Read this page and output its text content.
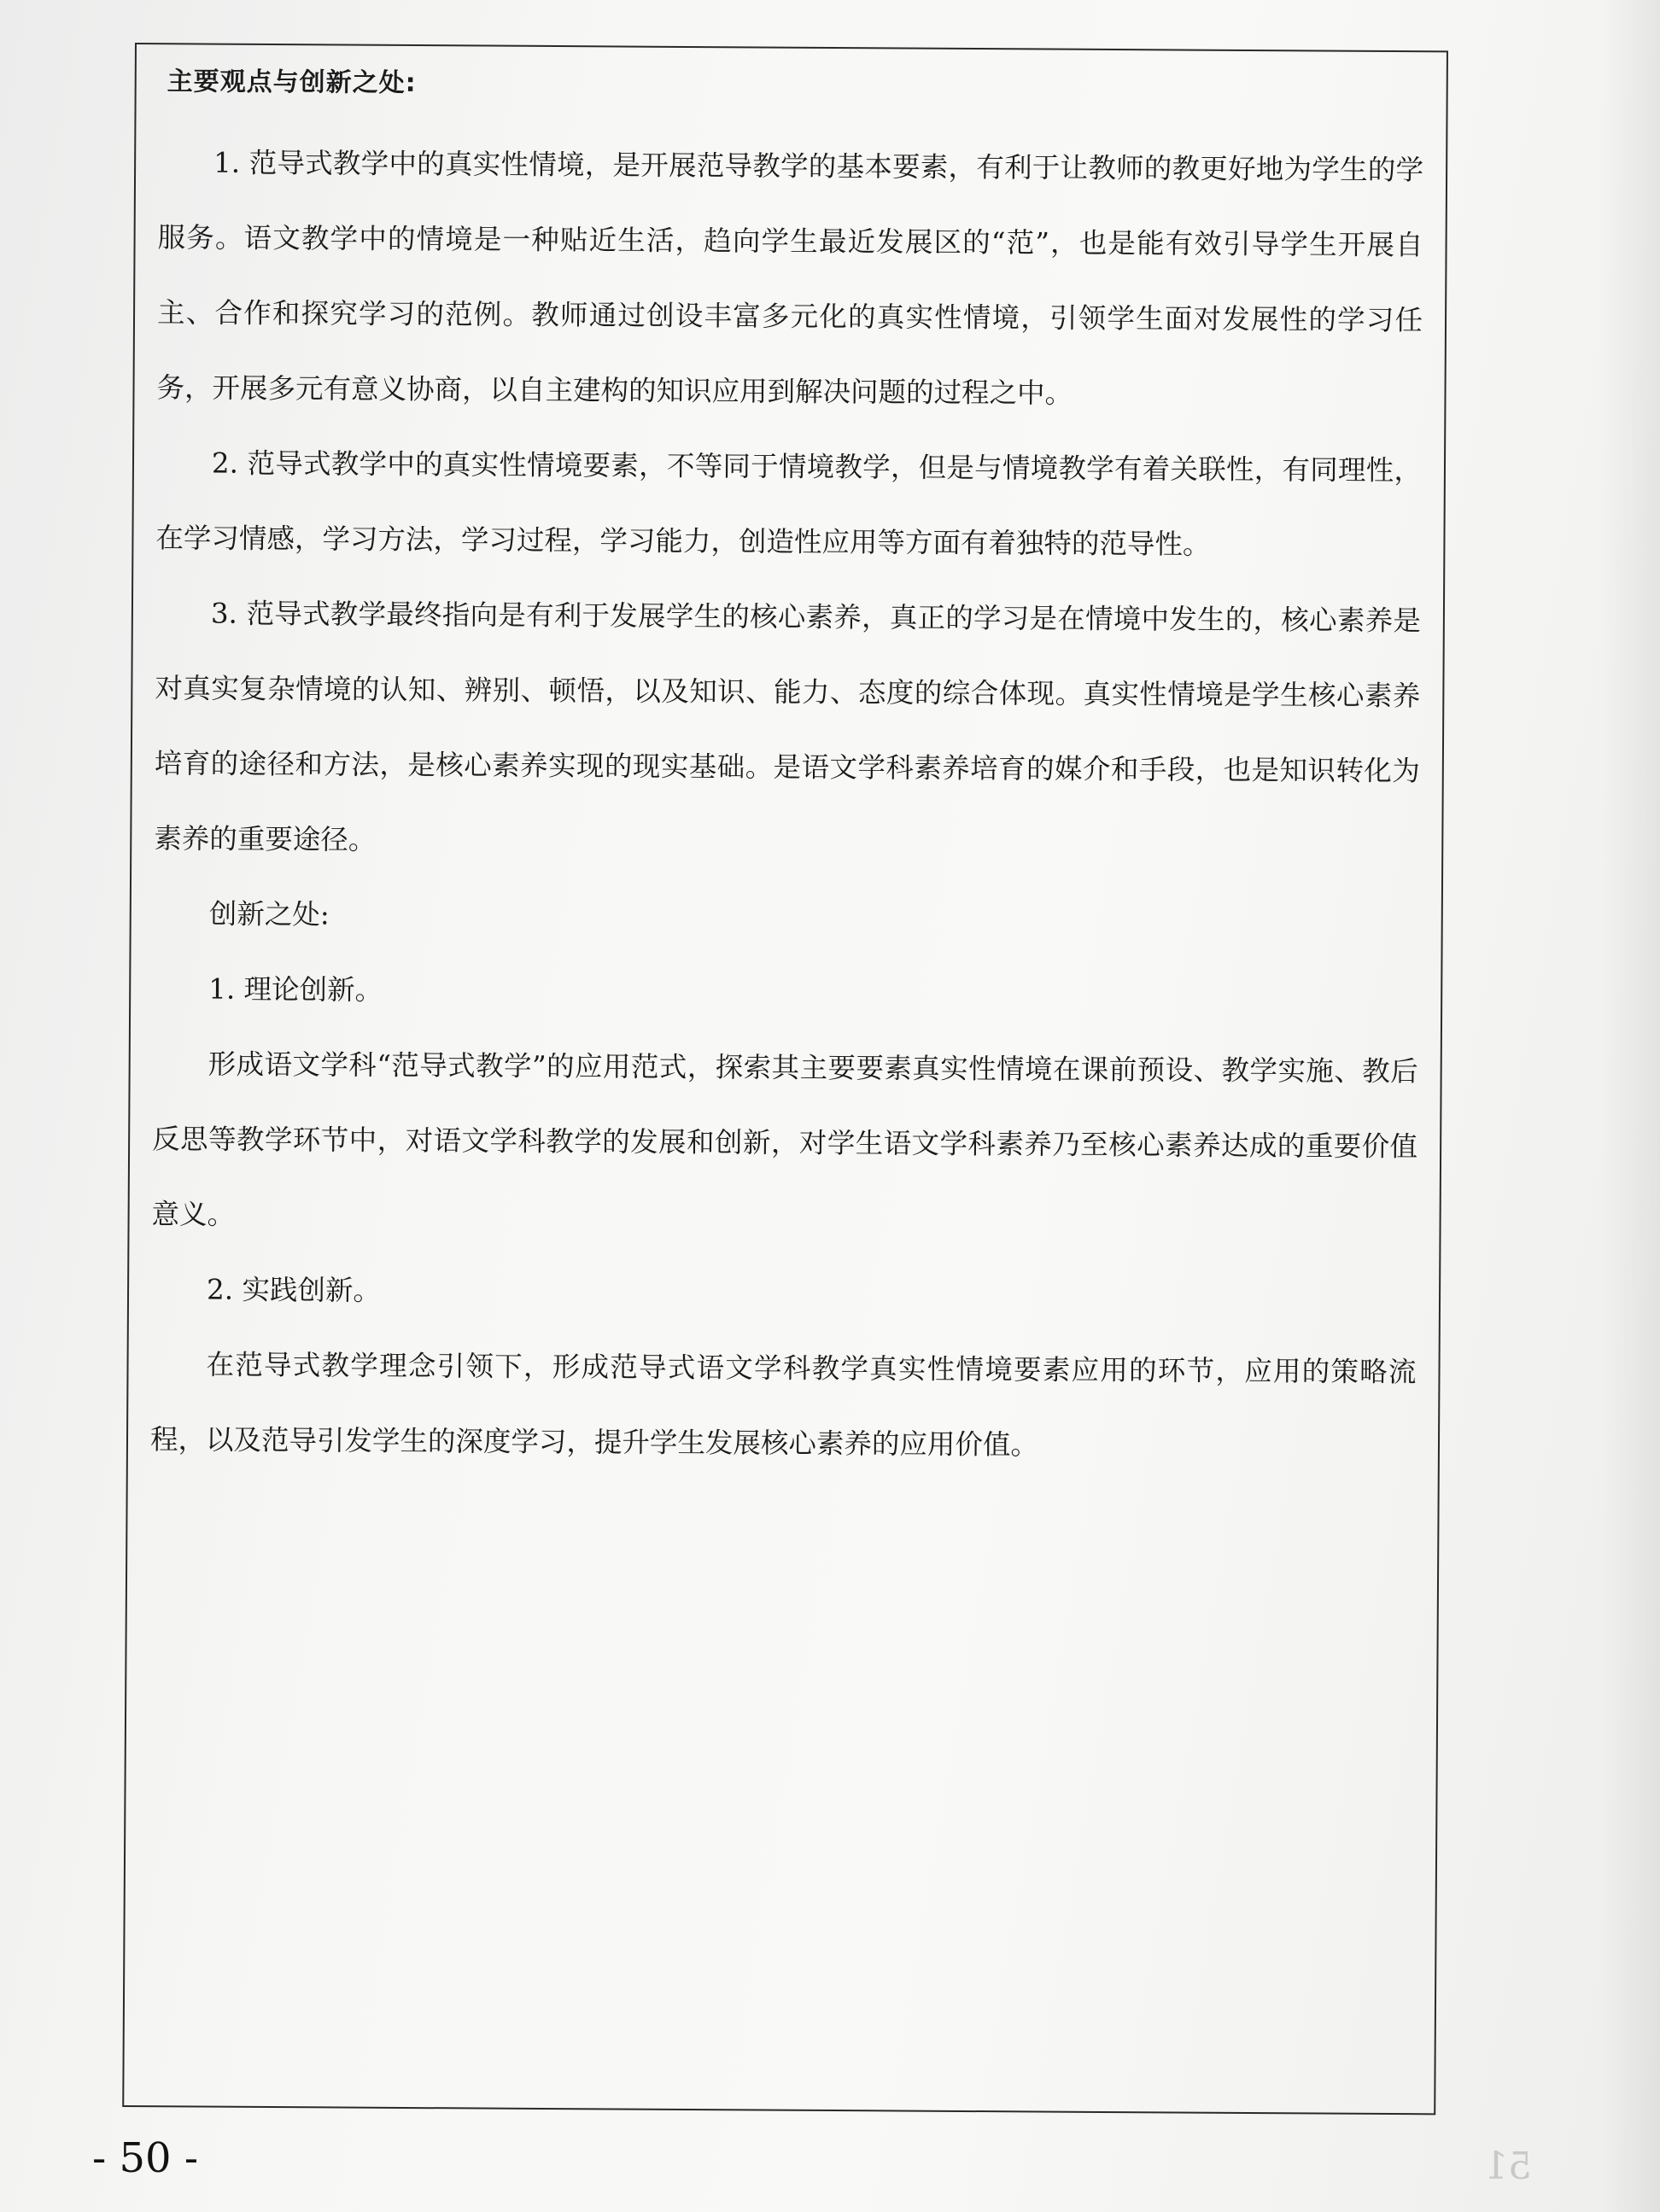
主要观点与创新之处:

1. 范导式教学中的真实性情境，是开展范导教学的基本要素，有利于让教师的教更好地为学生的学服务。语文教学中的情境是一种贴近生活，趋向学生最近发展区的“范”，也是能有效引导学生开展自主、合作和探究学习的范例。教师通过创设丰富多元化的真实性情境，引领学生面对发展性的学习任务，开展多元有意义协商，以自主建构的知识应用到解决问题的过程之中。

2. 范导式教学中的真实性情境要素，不等同于情境教学，但是与情境教学有着关联性，有同理性，在学习情感，学习方法，学习过程，学习能力，创造性应用等方面有着独特的范导性。

3. 范导式教学最终指向是有利于发展学生的核心素养，真正的学习是在情境中发生的，核心素养是对真实复杂情境的认知、辨别、顿悟，以及知识、能力、态度的综合体现。真实性情境是学生核心素养培育的途径和方法，是核心素养实现的现实基础。是语文学科素养培育的媒介和手段，也是知识转化为素养的重要途径。

创新之处:

1. 理论创新。

形成语文学科“范导式教学”的应用范式，探索其主要要素真实性情境在课前预设、教学实施、教后反思等教学环节中，对语文学科教学的发展和创新，对学生语文学科素养乃至核心素养达成的重要价值意义。

2. 实践创新。

在范导式教学理念引领下，形成范导式语文学科教学真实性情境要素应用的环节，应用的策略流程，以及范导引发学生的深度学习，提升学生发展核心素养的应用价值。

- 50 -	51
